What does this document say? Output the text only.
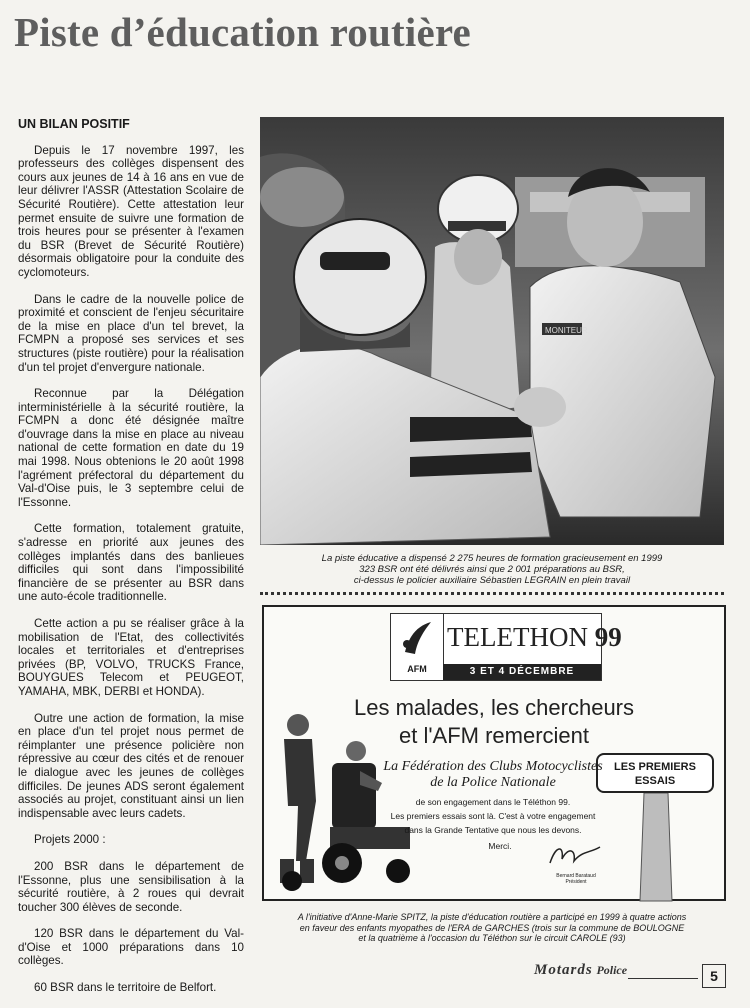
Piste d’éducation routière
UN BILAN POSITIF

Depuis le 17 novembre 1997, les professeurs des collèges dispensent des cours aux jeunes de 14 à 16 ans en vue de leur délivrer l'ASSR (Attestation Scolaire de Sécurité Routière). Cette attestation leur permet ensuite de suivre une formation de trois heures pour se présenter à l'examen du BSR (Brevet de Sécurité Routière) désormais obligatoire pour la conduite des cyclomoteurs.

Dans le cadre de la nouvelle police de proximité et conscient de l'enjeu sécuritaire de la mise en place d'un tel brevet, la FCMPN a proposé ses services et ses structures (piste routière) pour la réalisation d'un tel projet d'envergure nationale.

Reconnue par la Délégation interministérielle à la sécurité routière, la FCMPN a donc été désignée maître d'ouvrage dans la mise en place au niveau national de cette formation en date du 19 mai 1998. Nous obtenions le 20 août 1998 l'agrément préfectoral du département du Val-d'Oise puis, le 3 septembre celui de l'Essonne.

Cette formation, totalement gratuite, s'adresse en priorité aux jeunes des collèges implantés dans des banlieues difficiles qui sont dans l'impossibilité financière de se présenter au BSR dans une auto-école traditionnelle.

Cette action a pu se réaliser grâce à la mobilisation de l'Etat, des collectivités locales et territoriales et d'entreprises privées (BP, VOLVO, TRUCKS France, BOUYGUES Telecom et PEUGEOT, YAMAHA, MBK, DERBI et HONDA).

Outre une action de formation, la mise en place d'un tel projet nous permet de réimplanter une présence policière non répressive au cœur des cités et de renouer le dialogue avec les jeunes de collèges difficiles. De jeunes ADS seront également associés au projet, constituant ainsi un lien indispensable avec leurs cadets.

Projets 2000 :

200 BSR dans le département de l'Essonne, plus une sensibilisation à la sécurité routière, à 2 roues qui devrait toucher 300 élèves de seconde.

120 BSR dans le département du Val-d'Oise et 1000 préparations dans 10 collèges.

60 BSR dans le territoire de Belfort.

MONITEUR

La piste éducative a dispensé 2 275 heures de formation gracieusement en 1999
323 BSR ont été délivrés ainsi que 2 001 préparations au BSR,
ci-dessus le policier auxiliaire Sébastien LEGRAIN en plein travail

AFM
TELETHON 99
3 ET 4 DÉCEMBRE

Les malades, les chercheurs

et l'AFM remercient

LES PREMIERS
ESSAIS

La Fédération des Clubs Motocyclistes

de la Police Nationale

de son engagement dans le Téléthon 99.

Les premiers essais sont là. C'est à votre engagement

dans la Grande Tentative que nous les devons.

Merci.

Bernard Barataud

Président

A l'initiative d'Anne-Marie SPITZ, la piste d'éducation routière a participé en 1999 à quatre actions
en faveur des enfants myopathes de l'ERA de GARCHES (trois sur la commune de BOULOGNE
et la quatrième à l'occasion du Téléthon sur le circuit CAROLE (93)

Motards Police	5
